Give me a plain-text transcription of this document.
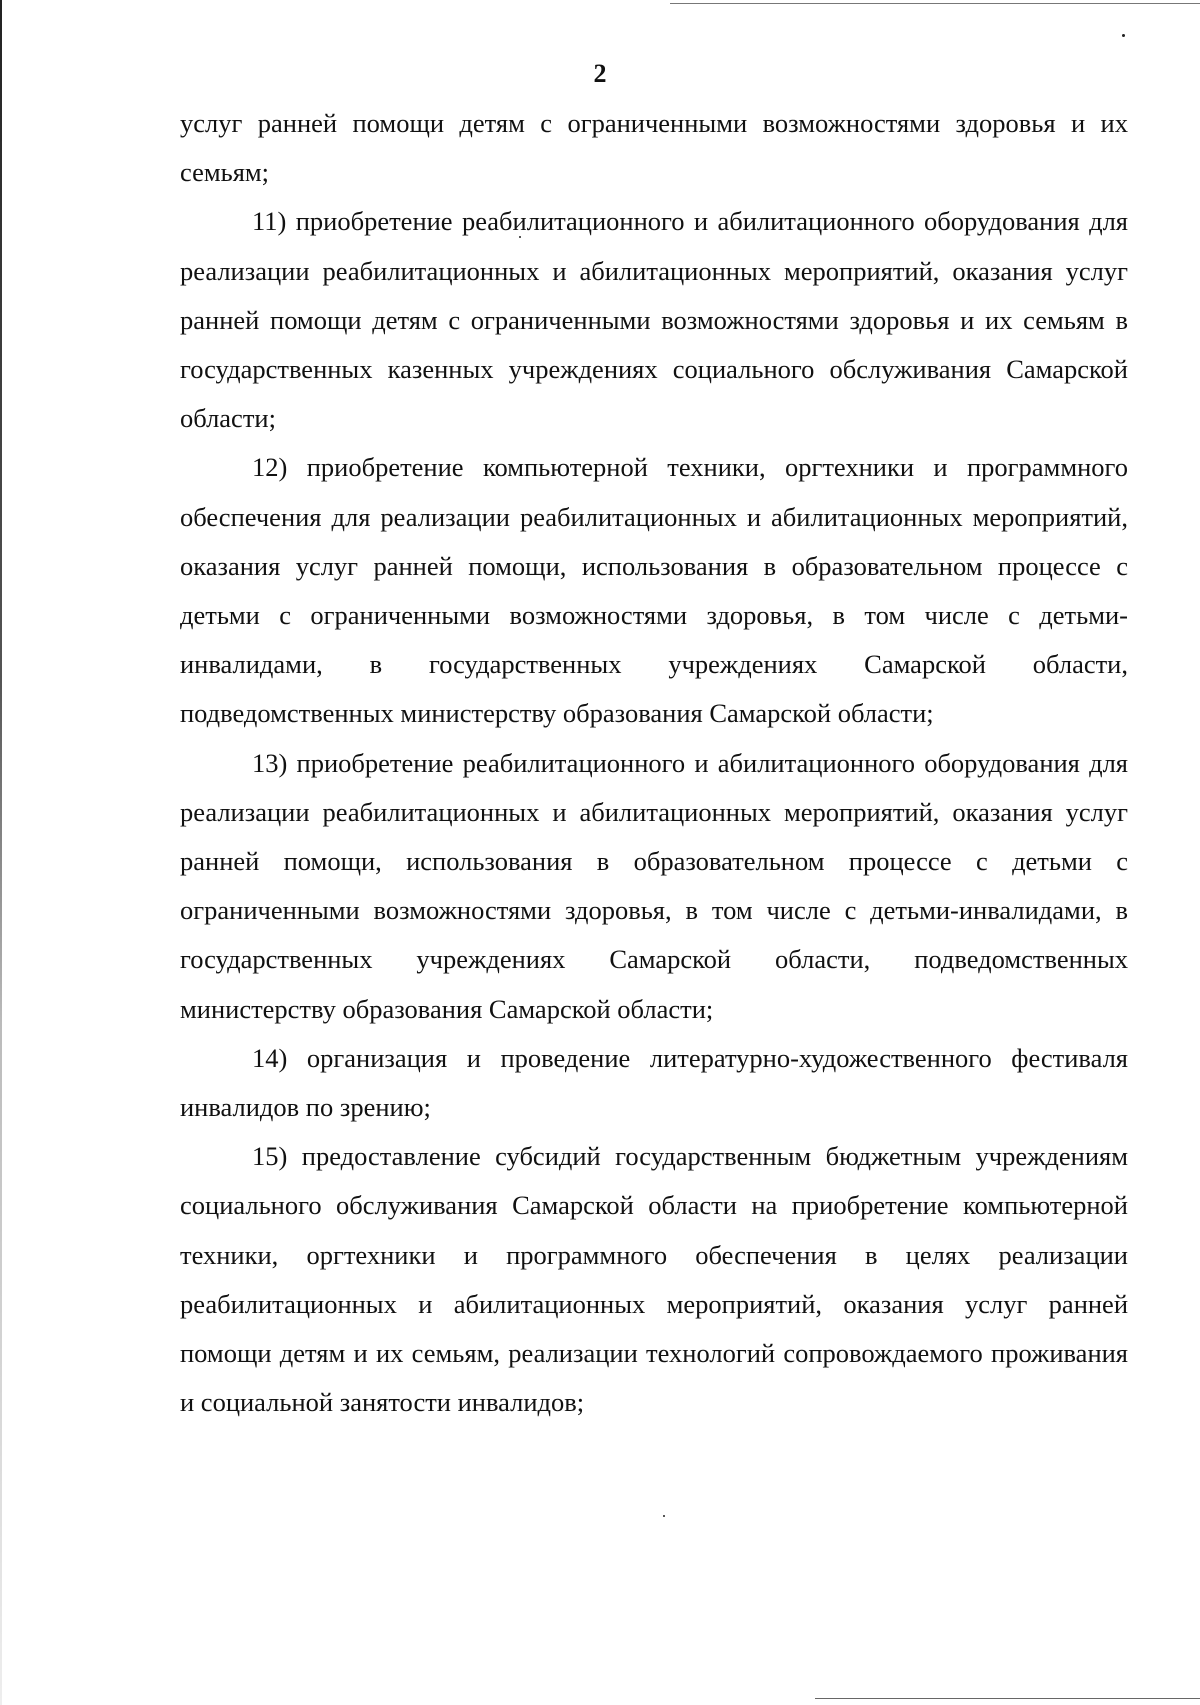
2

услуг ранней помощи детям с ограниченными возможностями здоровья и их семьям;

11) приобретение реабилитационного и абилитационного оборудования для реализации реабилитационных и абилитационных мероприятий, оказания услуг ранней помощи детям с ограниченными возможностями здоровья и их семьям в государственных казенных учреждениях социального обслуживания Самарской области;

12) приобретение компьютерной техники, оргтехники и программного обеспечения для реализации реабилитационных и абилитационных мероприятий, оказания услуг ранней помощи, использования в образовательном процессе с детьми с ограниченными возможностями здоровья, в том числе с детьми-инвалидами, в государственных учреждениях Самарской области, подведомственных министерству образования Самарской области;

13) приобретение реабилитационного и абилитационного оборудования для реализации реабилитационных и абилитационных мероприятий, оказания услуг ранней помощи, использования в образовательном процессе с детьми с ограниченными возможностями здоровья, в том числе с детьми-инвалидами, в государственных учреждениях Самарской области, подведомственных министерству образования Самарской области;

14) организация и проведение литературно-художественного фестиваля инвалидов по зрению;

15) предоставление субсидий государственным бюджетным учреждениям социального обслуживания Самарской области на приобретение компьютерной техники, оргтехники и программного обеспечения в целях реализации реабилитационных и абилитационных мероприятий, оказания услуг ранней помощи детям и их семьям, реализации технологий сопровождаемого проживания и социальной занятости инвалидов;
